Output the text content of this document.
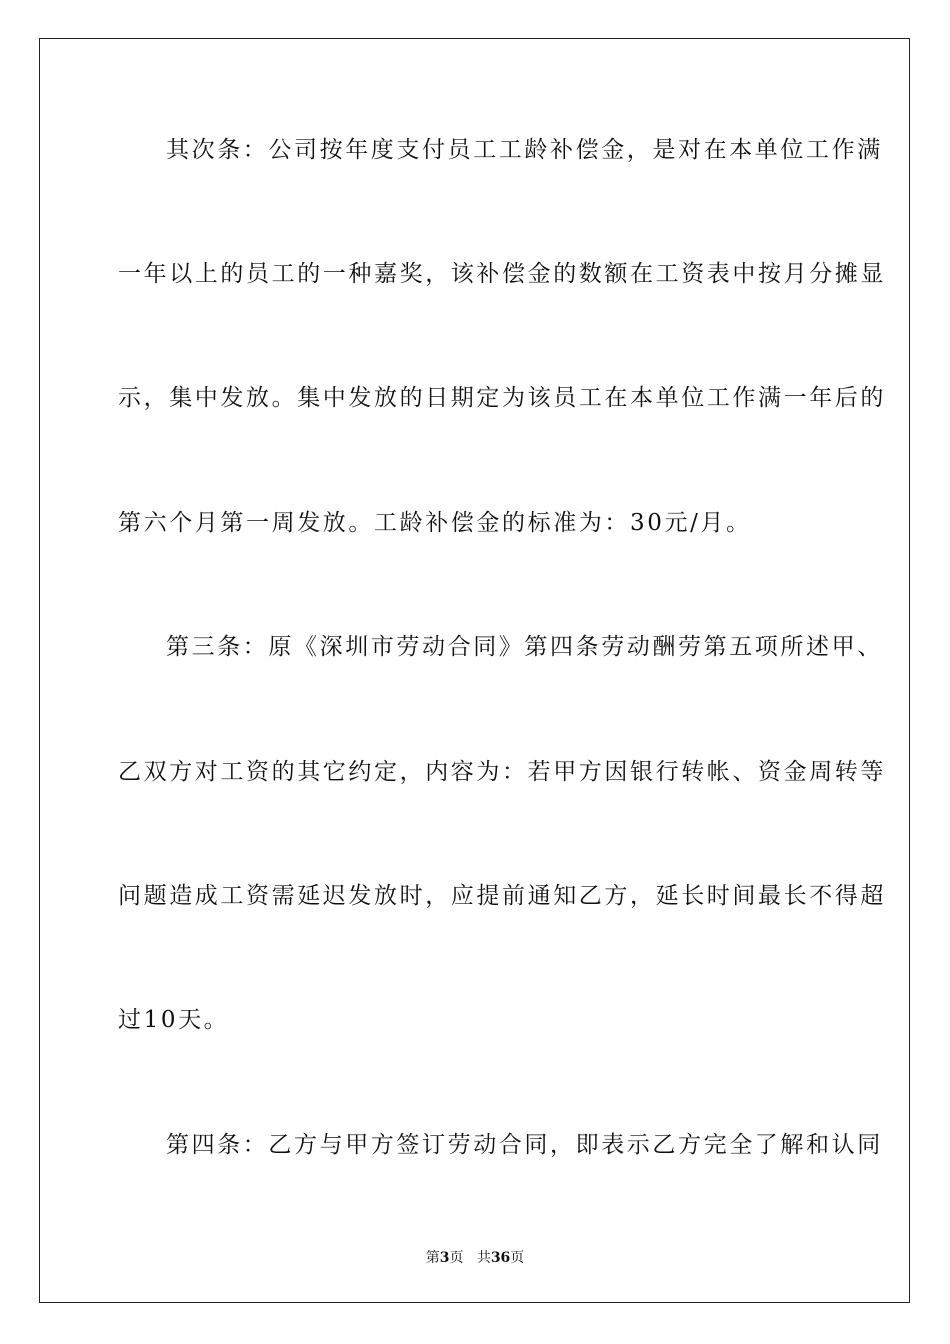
其次条：公司按年度支付员工工龄补偿金，是对在本单位工作满
一年以上的员工的一种嘉奖，该补偿金的数额在工资表中按月分摊显
示，集中发放。集中发放的日期定为该员工在本单位工作满一年后的
第六个月第一周发放。工龄补偿金的标准为：30元/月。
第三条：原《深圳市劳动合同》第四条劳动酬劳第五项所述甲、
乙双方对工资的其它约定，内容为：若甲方因银行转帐、资金周转等
问题造成工资需延迟发放时，应提前通知乙方，延长时间最长不得超
过10天。
第四条：乙方与甲方签订劳动合同，即表示乙方完全了解和认同
第3页 共36页
